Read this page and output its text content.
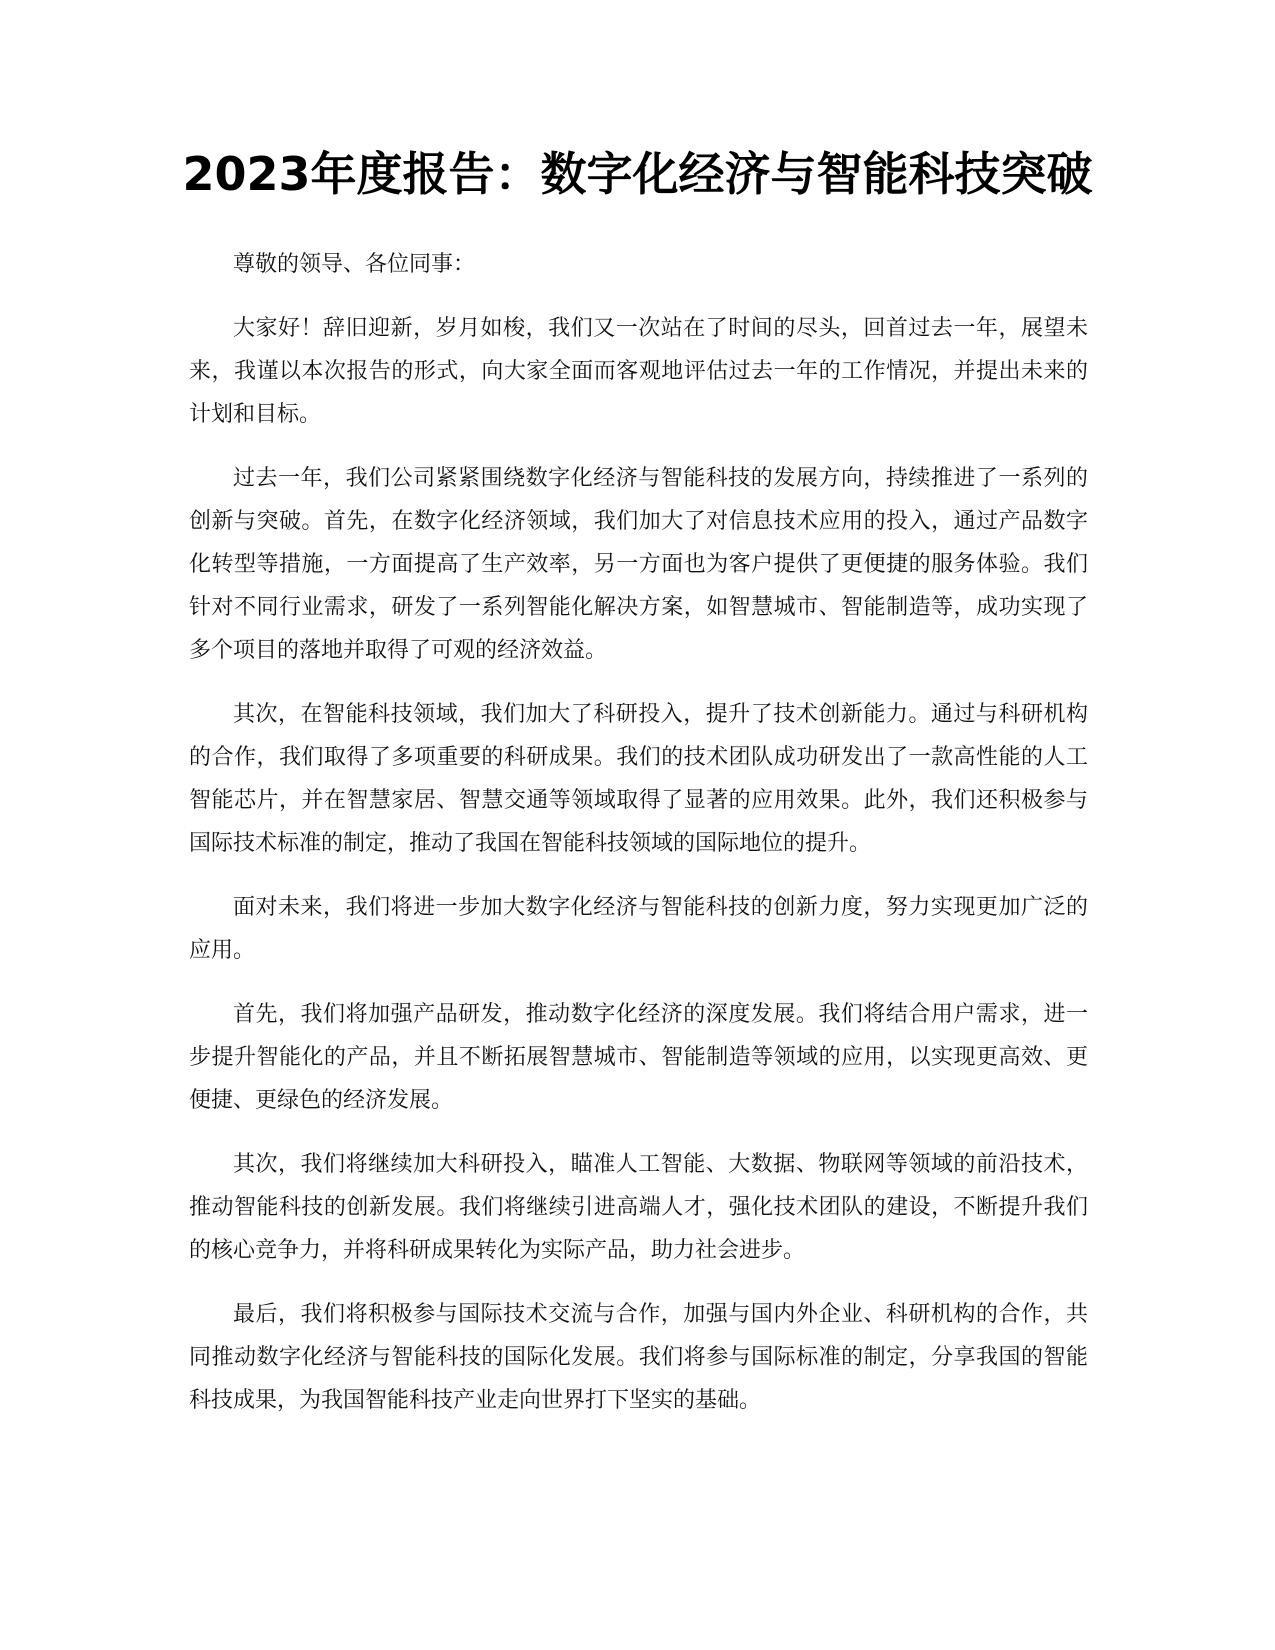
2023年度报告：数字化经济与智能科技突破

尊敬的领导、各位同事：

大家好！辞旧迎新，岁月如梭，我们又一次站在了时间的尽头，回首过去一年，展望未来，我谨以本次报告的形式，向大家全面而客观地评估过去一年的工作情况，并提出未来的计划和目标。

过去一年，我们公司紧紧围绕数字化经济与智能科技的发展方向，持续推进了一系列的创新与突破。首先，在数字化经济领域，我们加大了对信息技术应用的投入，通过产品数字化转型等措施，一方面提高了生产效率，另一方面也为客户提供了更便捷的服务体验。我们针对不同行业需求，研发了一系列智能化解决方案，如智慧城市、智能制造等，成功实现了多个项目的落地并取得了可观的经济效益。

其次，在智能科技领域，我们加大了科研投入，提升了技术创新能力。通过与科研机构的合作，我们取得了多项重要的科研成果。我们的技术团队成功研发出了一款高性能的人工智能芯片，并在智慧家居、智慧交通等领域取得了显著的应用效果。此外，我们还积极参与国际技术标准的制定，推动了我国在智能科技领域的国际地位的提升。

面对未来，我们将进一步加大数字化经济与智能科技的创新力度，努力实现更加广泛的应用。

首先，我们将加强产品研发，推动数字化经济的深度发展。我们将结合用户需求，进一步提升智能化的产品，并且不断拓展智慧城市、智能制造等领域的应用，以实现更高效、更便捷、更绿色的经济发展。

其次，我们将继续加大科研投入，瞄准人工智能、大数据、物联网等领域的前沿技术，推动智能科技的创新发展。我们将继续引进高端人才，强化技术团队的建设，不断提升我们的核心竞争力，并将科研成果转化为实际产品，助力社会进步。

最后，我们将积极参与国际技术交流与合作，加强与国内外企业、科研机构的合作，共同推动数字化经济与智能科技的国际化发展。我们将参与国际标准的制定，分享我国的智能科技成果，为我国智能科技产业走向世界打下坚实的基础。
